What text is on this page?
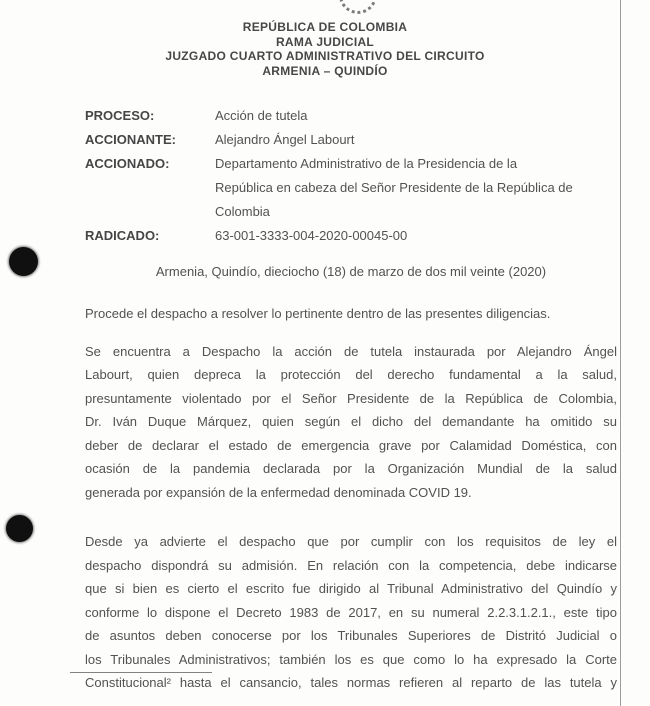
REPÚBLICA DE COLOMBIA
RAMA JUDICIAL
JUZGADO CUARTO ADMINISTRATIVO DEL CIRCUITO
ARMENIA – QUINDÍO
PROCESO:	Acción de tutela
ACCIONANTE:	Alejandro Ángel Labourt
ACCIONADO:	Departamento Administrativo de la Presidencia de la
República en cabeza del Señor Presidente de la República de
Colombia
RADICADO:	63-001-3333-004-2020-00045-00
Armenia, Quindío, dieciocho (18) de marzo de dos mil veinte (2020)
Procede el despacho a resolver lo pertinente dentro de las presentes diligencias.
Se encuentra a Despacho la acción de tutela instaurada por Alejandro Ángel
Labourt, quien depreca la protección del derecho fundamental a la salud,
presuntamente violentado por el Señor Presidente de la República de Colombia,
Dr. Iván Duque Márquez, quien según el dicho del demandante ha omitido su
deber de declarar el estado de emergencia grave por Calamidad Doméstica, con
ocasión de la pandemia declarada por la Organización Mundial de la salud
generada por expansión de la enfermedad denominada COVID 19.
Desde ya advierte el despacho que por cumplir con los requisitos de ley el
despacho dispondrá su admisión. En relación con la competencia, debe indicarse
que si bien es cierto el escrito fue dirigido al Tribunal Administrativo del Quindío y
conforme lo dispone el Decreto 1983 de 2017, en su numeral 2.2.3.1.2.1., este tipo
de asuntos deben conocerse por los Tribunales Superiores de Distritó Judicial o
los Tribunales Administrativos; también los es que como lo ha expresado la Corte
Constitucional² hasta el cansancio, tales normas refieren al reparto de las tutela y
